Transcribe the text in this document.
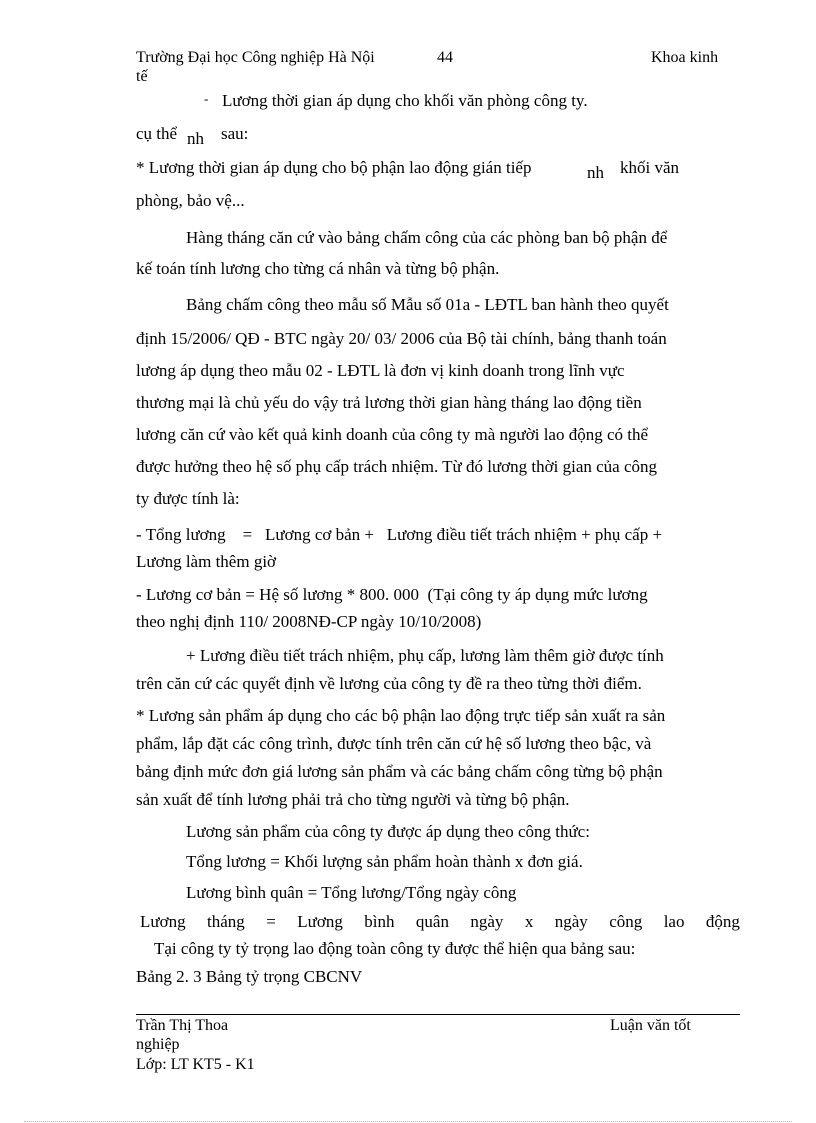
Trường Đại học Công nghiệp Hà Nội	44	Khoa kinh
tế
- Lương thời gian áp dụng cho khối văn phòng công ty.
cụ thể nh sau:
* Lương thời gian áp dụng cho bộ phận lao động gián tiếp	nh khối văn
phòng, bảo vệ...
Hàng tháng căn cứ vào bảng chấm công của các phòng ban bộ phận để
kế toán tính lương cho từng cá nhân và từng bộ phận.
Bảng chấm công theo mẫu số Mẫu số 01a - LĐTL ban hành theo quyết
định 15/2006/ QĐ - BTC ngày 20/ 03/ 2006 của Bộ tài chính, bảng thanh toán
lương áp dụng theo mẫu 02 - LĐTL là đơn vị kinh doanh trong lĩnh vực
thương mại là chủ yếu do vậy trả lương thời gian hàng tháng lao động tiền
lương căn cứ vào kết quả kinh doanh của công ty mà người lao động có thể
được hưởng theo hệ số phụ cấp trách nhiệm. Từ đó lương thời gian của công
ty được tính là:
- Tổng lương    =   Lương cơ bản +   Lương điều tiết trách nhiệm + phụ cấp +
Lương làm thêm giờ
- Lương cơ bản = Hệ số lương * 800. 000  (Tại công ty áp dụng mức lương
theo nghị định 110/ 2008NĐ-CP ngày 10/10/2008)
+ Lương điều tiết trách nhiệm, phụ cấp, lương làm thêm giờ được tính
trên căn cứ các quyết định về lương của công ty đề ra theo từng thời điểm.
* Lương sản phẩm áp dụng cho các bộ phận lao động trực tiếp sản xuất ra sản
phẩm, lắp đặt các công trình, được tính trên căn cứ hệ số lương theo bậc, và
bảng định mức đơn giá lương sản phẩm và các bảng chấm công từng bộ phận
sản xuất để tính lương phải trả cho từng người và từng bộ phận.
Lương sản phẩm của công ty được áp dụng theo công thức:
Tổng lương = Khối lượng sản phẩm hoàn thành x đơn giá.
Lương bình quân = Tổng lương/Tổng ngày công
Lương tháng = Lương bình quân ngày x ngày công lao động
Tại công ty tỷ trọng lao động toàn công ty được thể hiện qua bảng sau:
Bảng 2. 3 Bảng tỷ trọng CBCNV
Trần Thị Thoa	Luận văn tốt
nghiệp
Lớp: LT KT5 - K1
